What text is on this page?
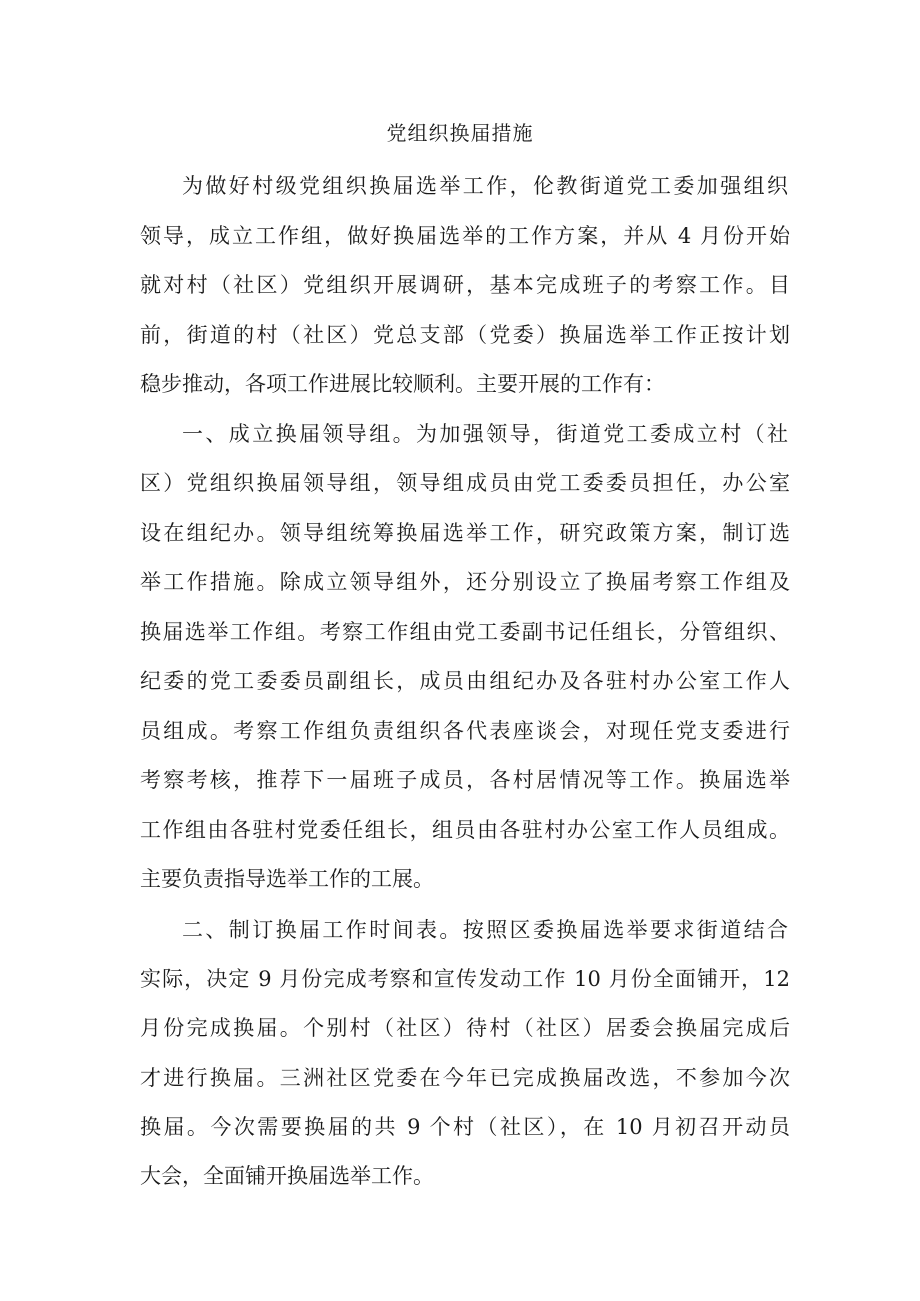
党组织换届措施
为做好村级党组织换届选举工作，伦教街道党工委加强组织
领导，成立工作组，做好换届选举的工作方案，并从 4 月份开始
就对村（社区）党组织开展调研，基本完成班子的考察工作。目
前，街道的村（社区）党总支部（党委）换届选举工作正按计划
稳步推动，各项工作进展比较顺利。主要开展的工作有：
一、成立换届领导组。为加强领导，街道党工委成立村（社
区）党组织换届领导组，领导组成员由党工委委员担任，办公室
设在组纪办。领导组统筹换届选举工作，研究政策方案，制订选
举工作措施。除成立领导组外，还分别设立了换届考察工作组及
换届选举工作组。考察工作组由党工委副书记任组长，分管组织、
纪委的党工委委员副组长，成员由组纪办及各驻村办公室工作人
员组成。考察工作组负责组织各代表座谈会，对现任党支委进行
考察考核，推荐下一届班子成员，各村居情况等工作。换届选举
工作组由各驻村党委任组长，组员由各驻村办公室工作人员组成。
主要负责指导选举工作的工展。
二、制订换届工作时间表。按照区委换届选举要求街道结合
实际，决定 9 月份完成考察和宣传发动工作 10 月份全面铺开，12
月份完成换届。个别村（社区）待村（社区）居委会换届完成后
才进行换届。三洲社区党委在今年已完成换届改选，不参加今次
换届。今次需要换届的共 9 个村（社区），在 10 月初召开动员
大会，全面铺开换届选举工作。
